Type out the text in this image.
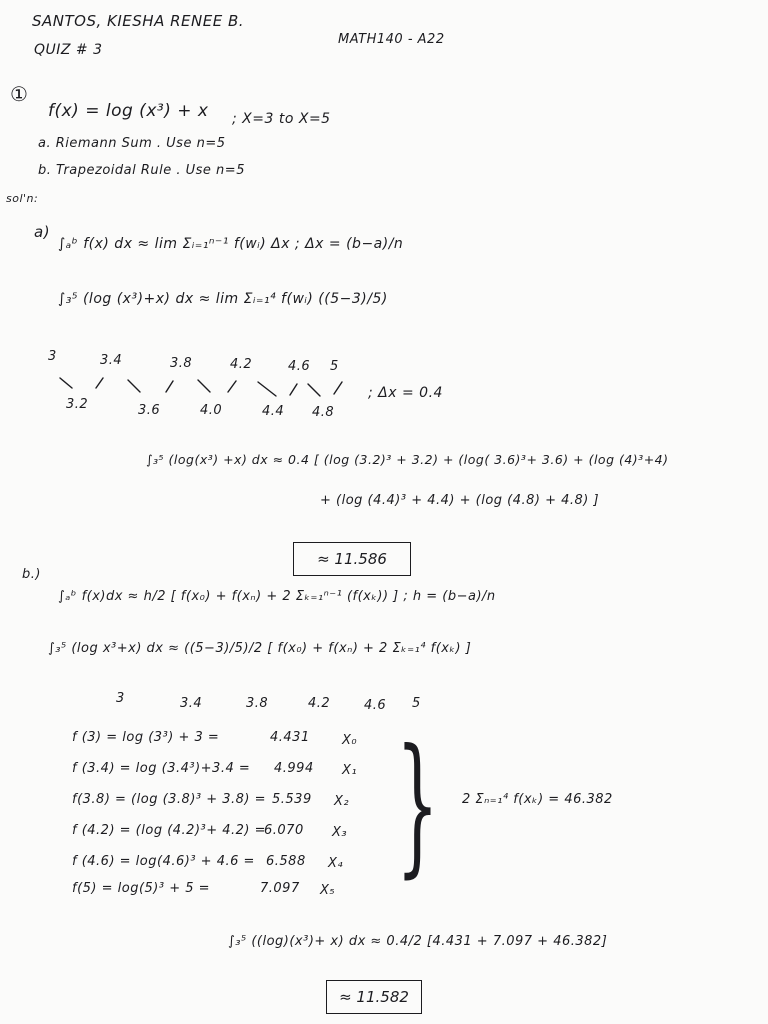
SANTOS, KIESHA RENEE B.
MATH140 - A22
QUIZ # 3
①
f(x) = log (x³) + x ; X=3 to X=5
a. Riemann Sum . Use n=5
b. Trapezoidal Rule . Use n=5
sol'n:
a)
∫ₐᵇ f(x) dx ≈ lim Σᵢ₌₁ⁿ⁻¹ f(wᵢ) Δx ; Δx = (b−a)/n
∫₃⁵ (log (x³)+x) dx ≈ lim Σᵢ₌₁⁴ f(wᵢ) ((5−3)/5)
3	3.4	3.8	4.2	4.6 5
3.2	3.6	4.0	4.4 4.8
; Δx = 0.4
∫₃⁵ (log(x³) +x) dx ≈ 0.4 [ (log (3.2)³ + 3.2) + (log( 3.6)³+ 3.6) + (log (4)³+4)
+ (log (4.4)³ + 4.4) + (log (4.8) + 4.8) ]
≈ 11.586
b.)
∫ₐᵇ f(x)dx ≈ h/2 [ f(x₀) + f(xₙ) + 2 Σₖ₌₁ⁿ⁻¹ (f(xₖ)) ] ; h = (b−a)/n
∫₃⁵ (log x³+x) dx ≈ ((5−3)/5)/2 [ f(x₀) + f(xₙ) + 2 Σₖ₌₁⁴ f(xₖ) ]
3	3.4	3.8	4.2	4.6 5
f (3) = log (3³) + 3 =	4.431 X₀
f (3.4) = log (3.4³)+3.4 = 4.994 X₁
f(3.8) = (log (3.8)³ + 3.8) = 5.539 X₂
f (4.2) = (log (4.2)³+ 4.2) =
6.070 X₃
f (4.6) = log(4.6)³ + 4.6 = 6.588 X₄
f(5) = log(5)³ + 5 =	7.097 X₅ } 2 Σₙ₌₁⁴ f(xₖ) = 46.382
∫₃⁵ ((log)(x³)+ x) dx ≈ 0.4/2 [4.431 + 7.097 + 46.382]
≈ 11.582
